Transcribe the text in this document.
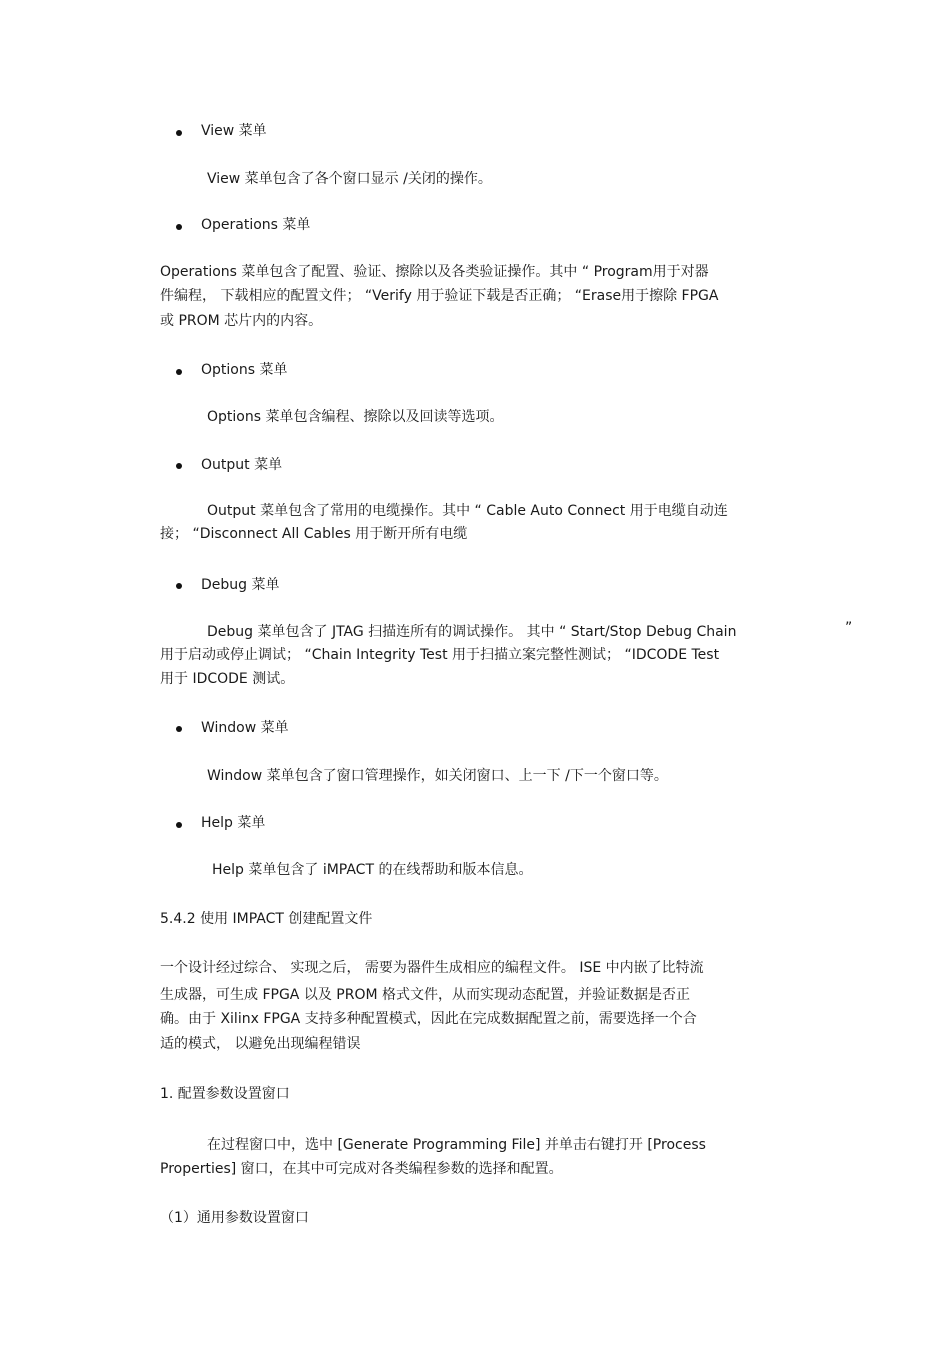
View 菜单
View 菜单包含了各个窗口显示 /关闭的操作。
Operations 菜单
Operations 菜单包含了配置、验证、擦除以及各类验证操作。其中 “ Program用于对器
件编程， 下载相应的配置文件； “Verify 用于验证下载是否正确； “Erase用于擦除 FPGA
或 PROM 芯片内的内容。
Options 菜单
Options 菜单包含编程、擦除以及回读等选项。
Output 菜单
Output 菜单包含了常用的电缆操作。其中 “ Cable Auto Connect 用于电缆自动连
接； “Disconnect All Cables 用于断开所有电缆
Debug 菜单
Debug 菜单包含了 JTAG 扫描连所有的调试操作。 其中 “ Start/Stop Debug Chain	”
用于启动或停止调试； “Chain Integrity Test 用于扫描立案完整性测试； “IDCODE Test
用于 IDCODE 测试。
Window 菜单
Window 菜单包含了窗口管理操作，如关闭窗口、上一下 /下一个窗口等。
Help 菜单
Help 菜单包含了 iMPACT 的在线帮助和版本信息。
5.4.2 使用 IMPACT 创建配置文件
一个设计经过综合、 实现之后， 需要为器件生成相应的编程文件。 ISE 中内嵌了比特流
生成器，可生成 FPGA 以及 PROM 格式文件，从而实现动态配置，并验证数据是否正
确。由于 Xilinx FPGA 支持多种配置模式，因此在完成数据配置之前，需要选择一个合
适的模式， 以避免出现编程错误
1. 配置参数设置窗口
在过程窗口中，选中 [Generate Programming File] 并单击右键打开 [Process
Properties] 窗口，在其中可完成对各类编程参数的选择和配置。
（1）通用参数设置窗口
